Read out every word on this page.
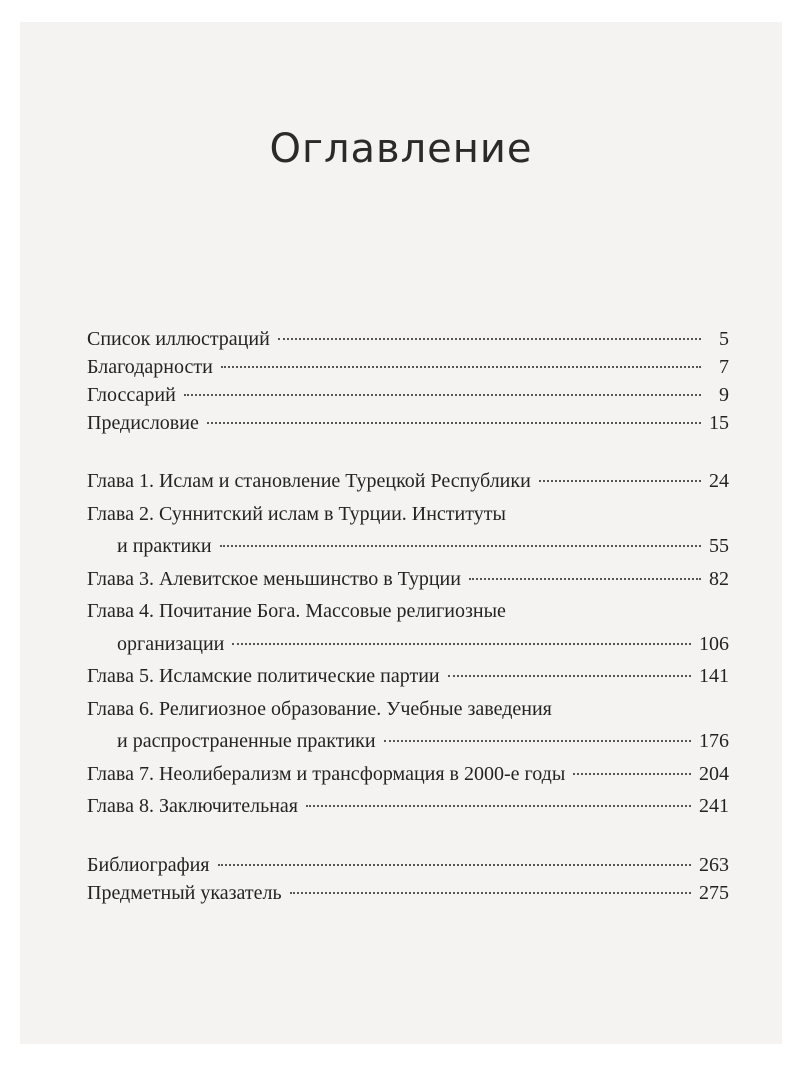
Оглавление
Список иллюстраций	5
Благодарности	7
Глоссарий	9
Предисловие	15
Глава 1. Ислам и становление Турецкой Республики	24
Глава 2. Суннитский ислам в Турции. Институты
и практики	55
Глава 3. Алевитское меньшинство в Турции	82
Глава 4. Почитание Бога. Массовые религиозные
организации	106
Глава 5. Исламские политические партии	141
Глава 6. Религиозное образование. Учебные заведения
и распространенные практики	176
Глава 7. Неолиберализм и трансформация в 2000-е годы	204
Глава 8. Заключительная	241
Библиография	263
Предметный указатель	275
